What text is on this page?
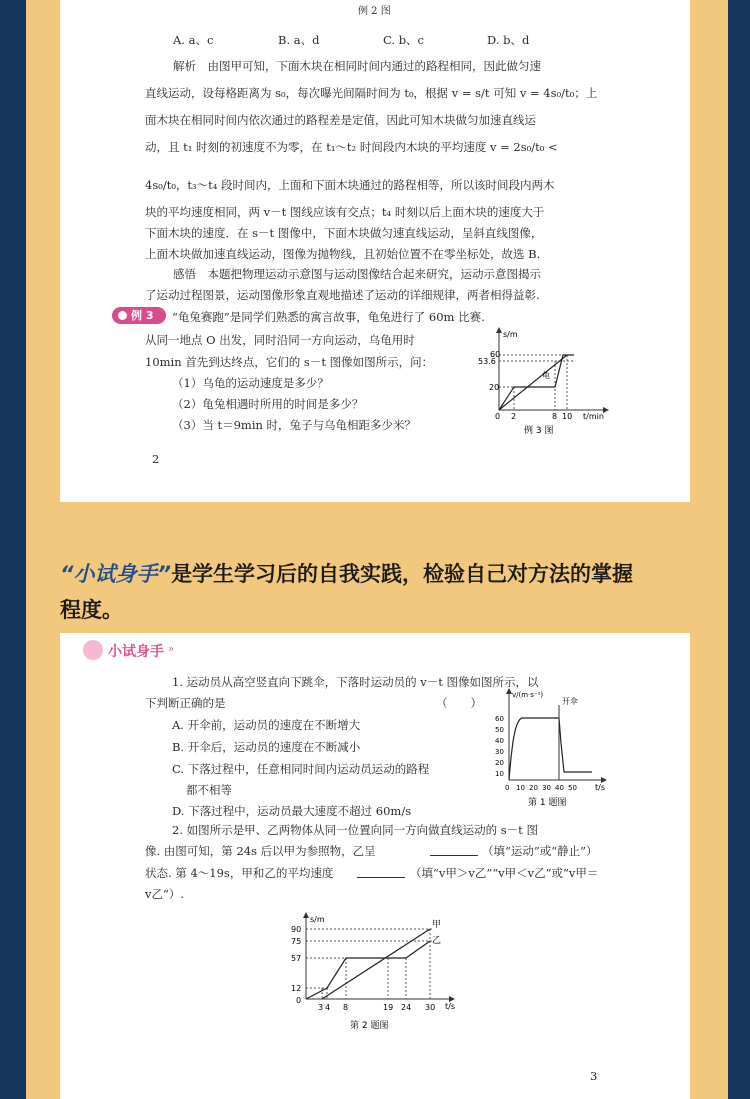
例 2 图
A. a、c	B. a、d	C. b、c	D. b、d
解析　由图甲可知，下面木块在相同时间内通过的路程相同，因此做匀速
直线运动，设每格距离为 s₀，每次曝光间隔时间为 t₀，根据 v = s/t 可知 v = 4s₀/t₀；上
面木块在相同时间内依次通过的路程差是定值，因此可知木块做匀加速直线运
动，且 t₁ 时刻的初速度不为零，在 t₁～t₂ 时间段内木块的平均速度 v = 2s₀/t₀ <
4s₀/t₀，t₃～t₄ 段时间内，上面和下面木块通过的路程相等，所以该时间段内两木
块的平均速度相同，两 v－t 图线应该有交点；t₄ 时刻以后上面木块的速度大于
下面木块的速度．在 s－t 图像中，下面木块做匀速直线运动，呈斜直线图像，
上面木块做加速直线运动，图像为抛物线，且初始位置不在零坐标处，故选 B.
感悟　本题把物理运动示意图与运动图像结合起来研究，运动示意图揭示
了运动过程图景，运动图像形象直观地描述了运动的详细规律，两者相得益彰.
例 3	“龟兔赛跑”是同学们熟悉的寓言故事，龟兔进行了 60m 比赛.
从同一地点 O 出发，同时沿同一方向运动，乌龟用时
10min 首先到达终点，它们的 s－t 图像如图所示，问：
（1）乌龟的运动速度是多少？
（2）龟兔相遇时所用的时间是多少？
（3）当 t＝9min 时，兔子与乌龟相距多少米？
s/m
t/min
龟
60
53.6
20
0 2	8 10
例 3 图
2
“小试身手”是学生学习后的自我实践，检验自己对方法的掌握
程度。
小试身手 »
1. 运动员从高空竖直向下跳伞，下落时运动员的 v－t 图像如图所示，以
下判断正确的是	（　　）
A. 开伞前，运动员的速度在不断增大
B. 开伞后，运动员的速度在不断减小
C. 下落过程中，任意相同时间内运动员运动的路程
都不相等
D. 下落过程中，运动员最大速度不超过 60m/s
v/(m·s⁻¹)
t/s
开伞
60
50
40
30
20
10
0 10 20 30 40 50
第 1 题图
2. 如图所示是甲、乙两物体从同一位置向同一方向做直线运动的 s－t 图
像. 由图可知，第 24s 后以甲为参照物，乙呈	（填“运动”或“静止”）
状态. 第 4～19s，甲和乙的平均速度	（填“v甲＞v乙”“v甲＜v乙”或“v甲＝
v乙”）.
s/m
t/s
甲
乙
90
75
57
12
0
3 4 8	19 24 30
第 2 题图
3
